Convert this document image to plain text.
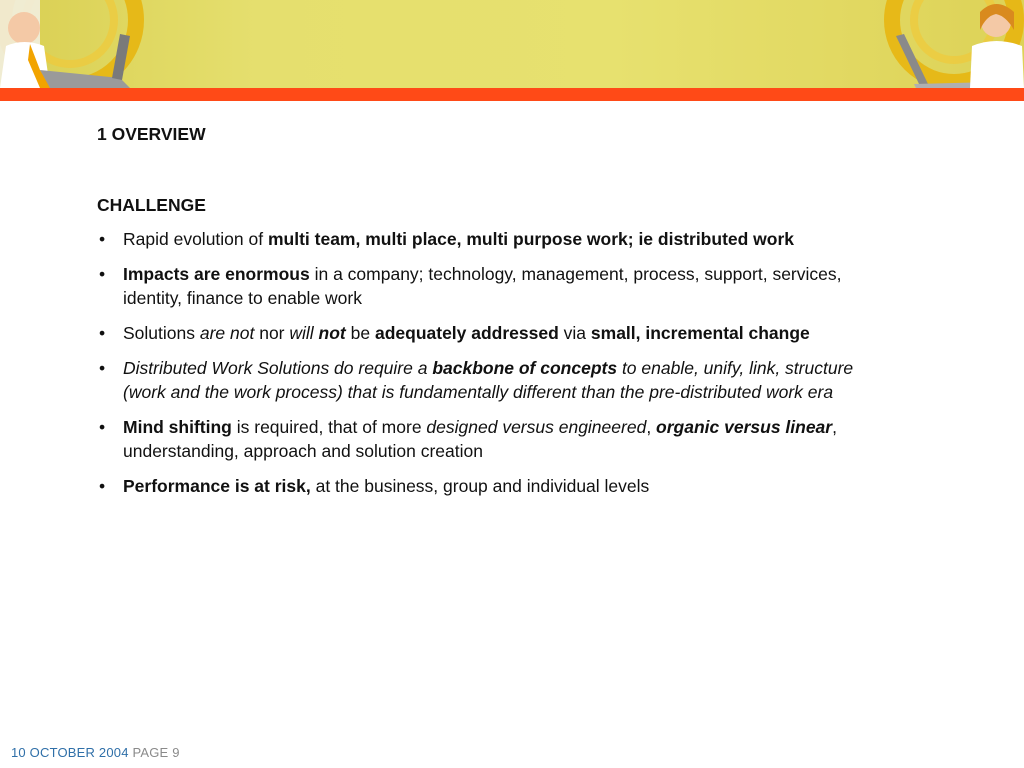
1 OVERVIEW

CHALLENGE

• Rapid evolution of multi team, multi place, multi purpose work; ie distributed work
• Impacts are enormous in a company; technology, management, process, support, services, identity, finance to enable work
• Solutions are not nor will not be adequately addressed via small, incremental change
• Distributed Work Solutions do require a backbone of concepts to enable, unify, link, structure (work and the work process) that is fundamentally different than the pre-distributed work era
• Mind shifting is required, that of more designed versus engineered, organic versus linear, understanding, approach and solution creation
• Performance is at risk, at the business, group and individual levels
10 OCTOBER 2004 PAGE 9
